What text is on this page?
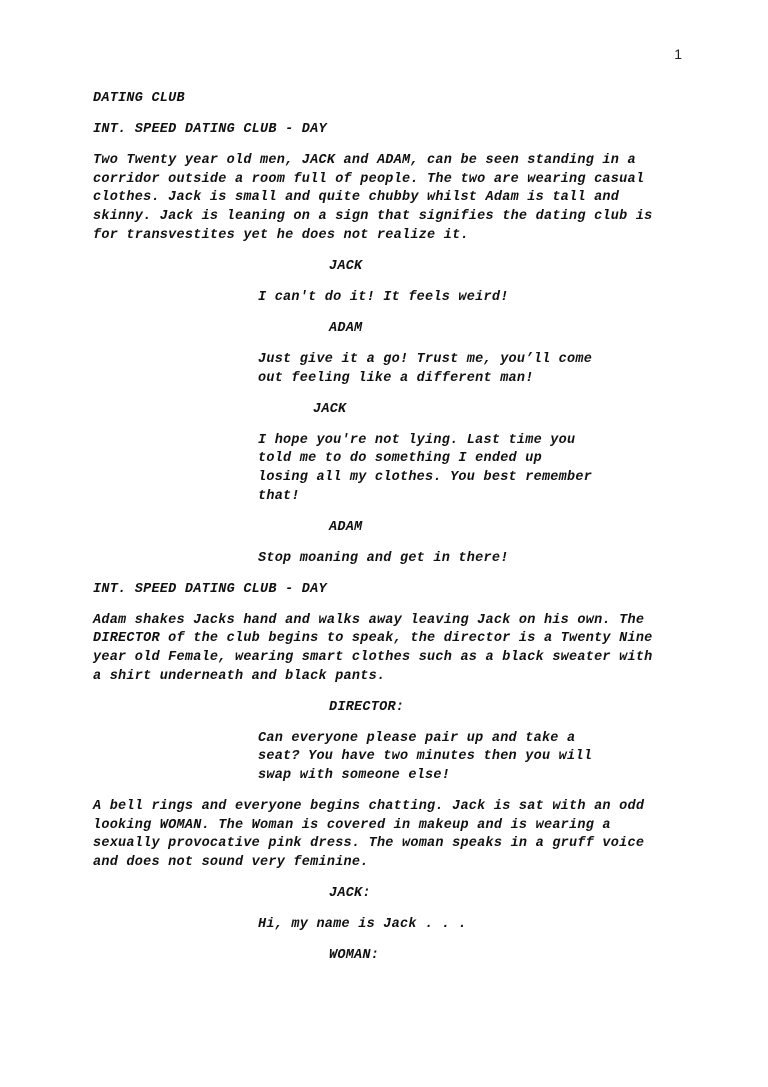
1
DATING CLUB
INT. SPEED DATING CLUB - DAY
Two Twenty year old men, JACK and ADAM, can be seen standing in a
corridor outside a room full of people. The two are wearing casual
clothes. Jack is small and quite chubby whilst Adam is tall and
skinny. Jack is leaning on a sign that signifies the dating club is
for transvestites yet he does not realize it.
JACK
I can't do it! It feels weird!
ADAM
Just give it a go! Trust me, you’ll come
out feeling like a different man!
JACK
I hope you're not lying. Last time you
told me to do something I ended up
losing all my clothes. You best remember
that!
ADAM
Stop moaning and get in there!
INT. SPEED DATING CLUB - DAY
Adam shakes Jacks hand and walks away leaving Jack on his own. The
DIRECTOR of the club begins to speak, the director is a Twenty Nine
year old Female, wearing smart clothes such as a black sweater with
a shirt underneath and black pants.
DIRECTOR:
Can everyone please pair up and take a
seat? You have two minutes then you will
swap with someone else!
A bell rings and everyone begins chatting. Jack is sat with an odd
looking WOMAN. The Woman is covered in makeup and is wearing a
sexually provocative pink dress. The woman speaks in a gruff voice
and does not sound very feminine.
JACK:
Hi, my name is Jack . . .
WOMAN:
